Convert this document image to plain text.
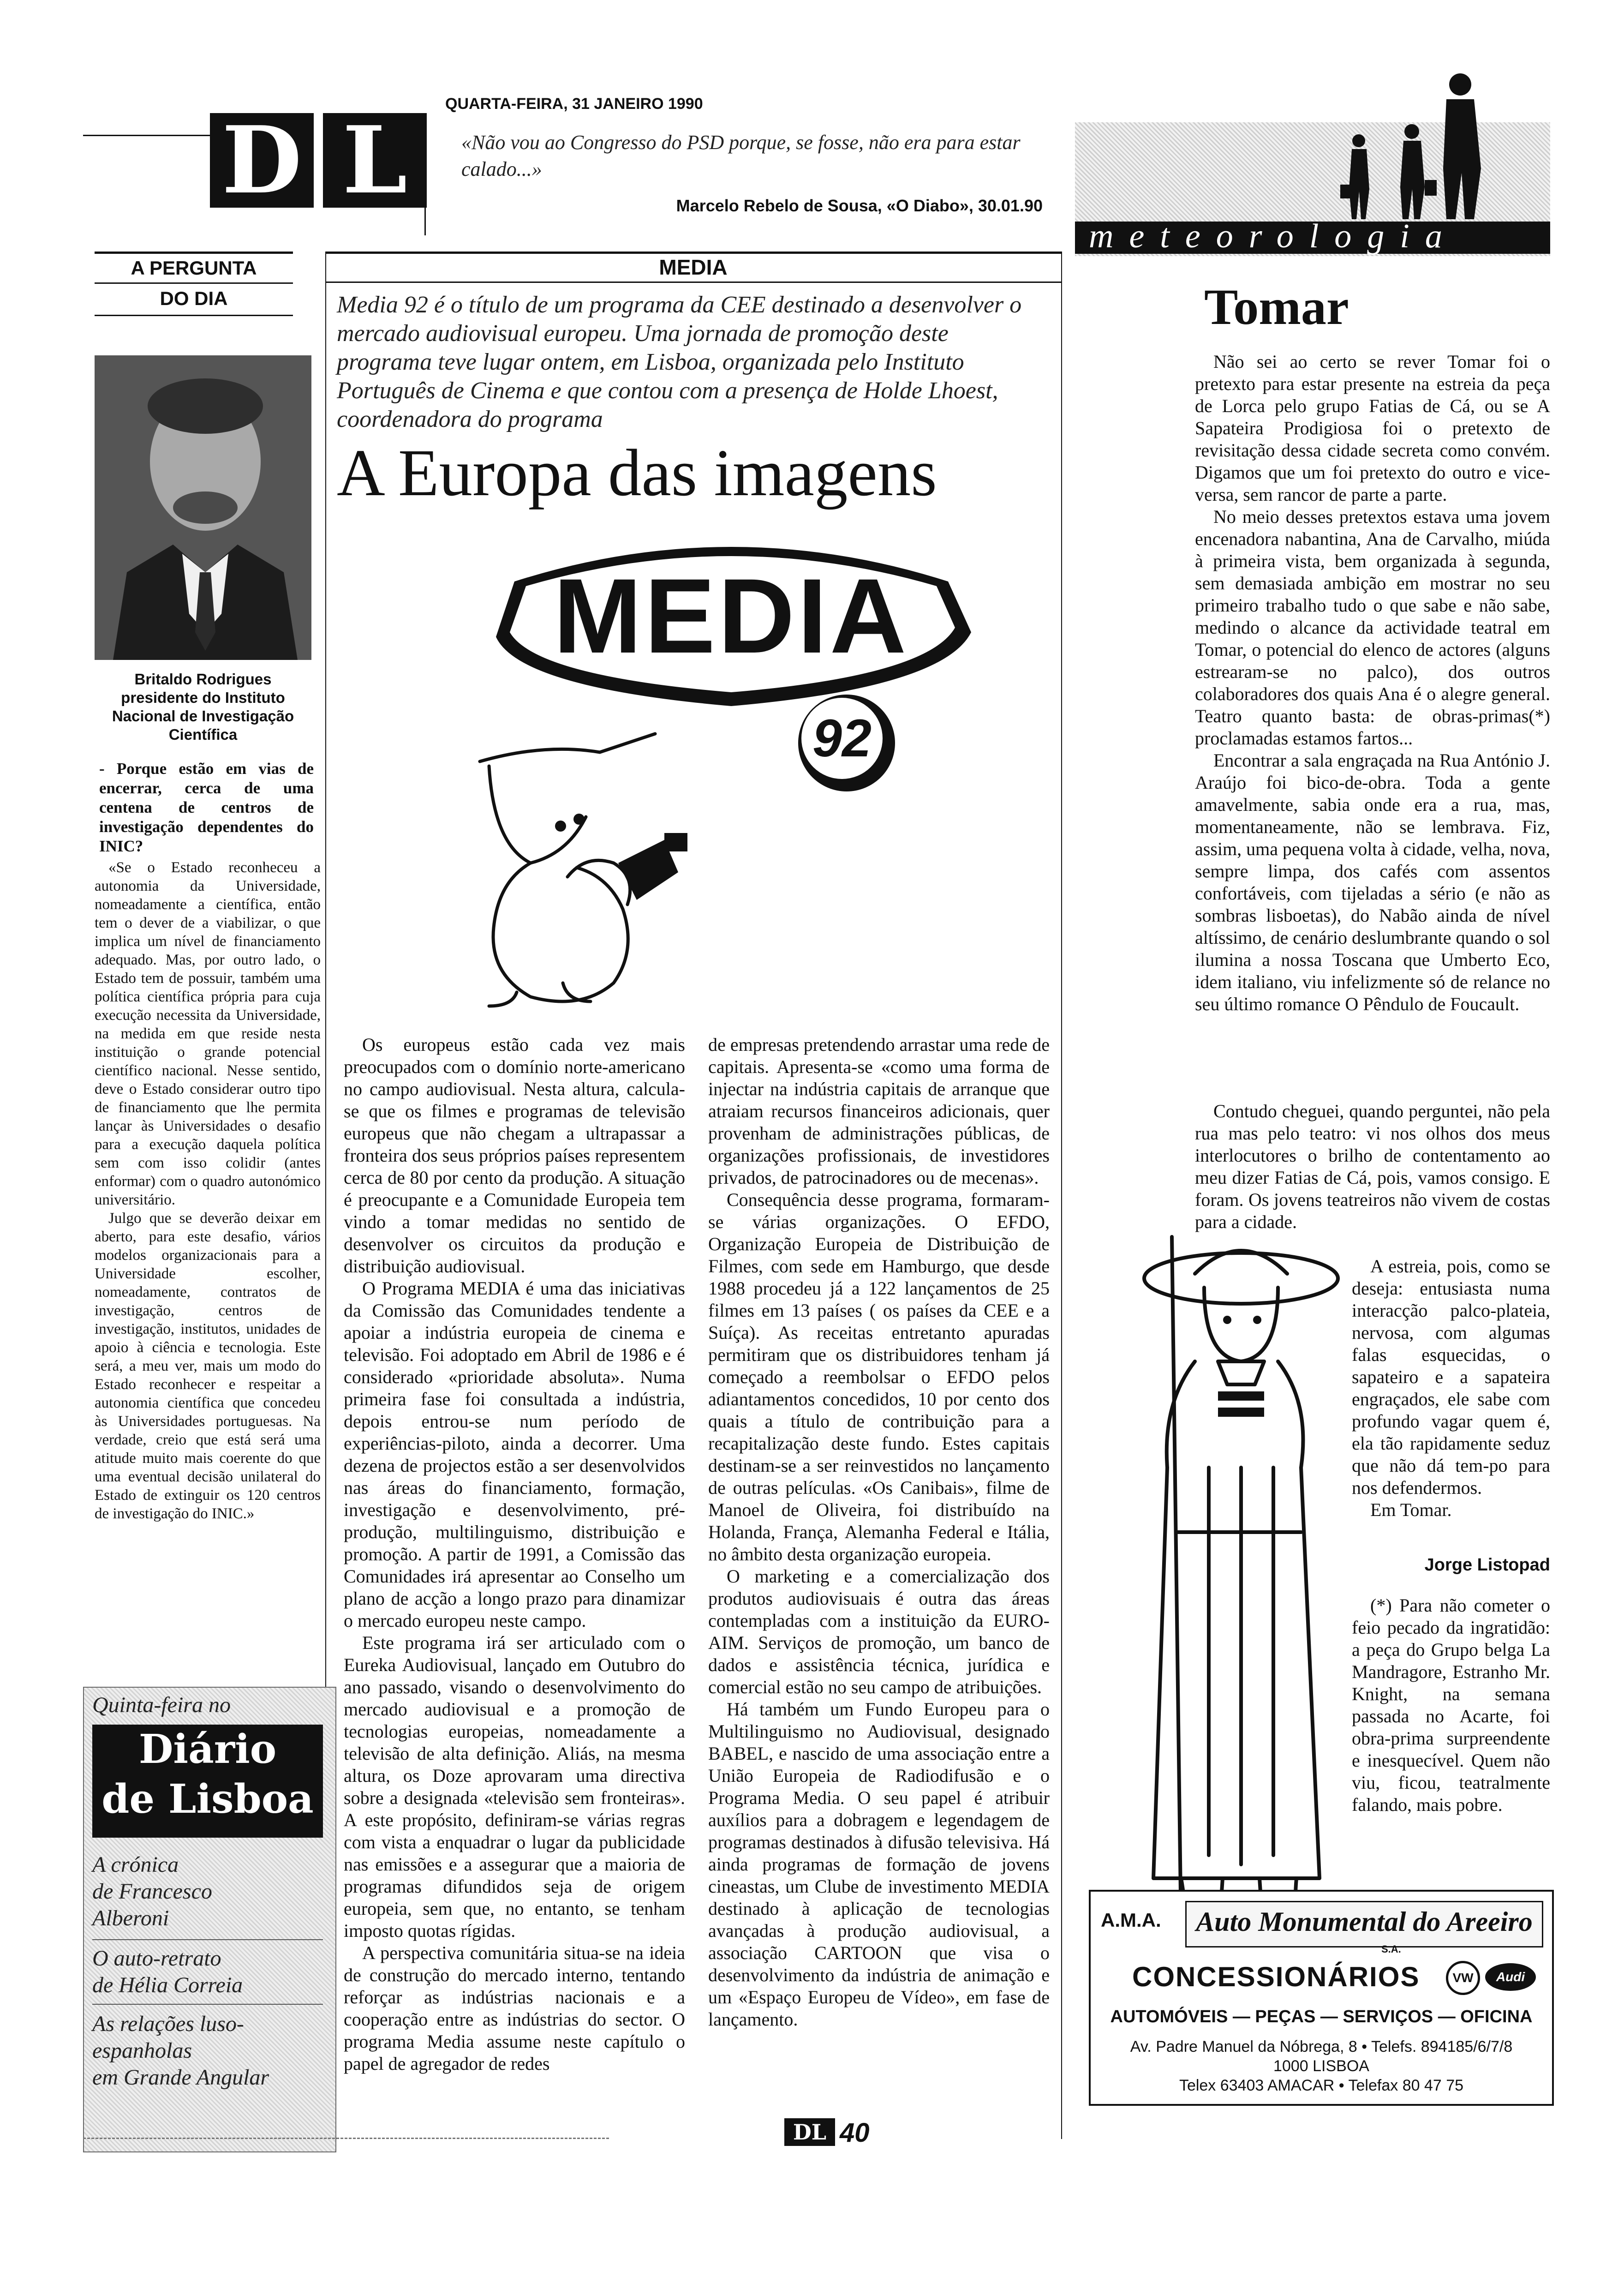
QUARTA-FEIRA, 31 JANEIRO 1990
D L	«Não vou ao Congresso do PSD porque, se fosse, não era para estar calado...»
Marcelo Rebelo de Sousa, «O Diabo», 30.01.90
meteorologia
A PERGUNTA
DO DIA
Britaldo Rodrigues
presidente do Instituto Nacional de Investigação Científica
- Porque estão em vias de encerrar, cerca de uma centena de centros de investigação dependentes do INIC?

«Se o Estado reconheceu a autonomia da Universidade, nomeadamente a científica, então tem o dever de a viabilizar, o que implica um nível de financiamento adequado. Mas, por outro lado, o Estado tem de possuir, também uma política científica própria para cuja execução necessita da Universidade, na medida em que reside nesta instituição o grande potencial científico nacional. Nesse sentido, deve o Estado considerar outro tipo de financiamento que lhe permita lançar às Universidades o desafio para a execução daquela política sem com isso colidir (antes enformar) com o quadro autonómico universitário.

Julgo que se deverão deixar em aberto, para este desafio, vários modelos organizacionais para a Universidade escolher, nomeadamente, contratos de investigação, centros de investigação, institutos, unidades de apoio à ciência e tecnologia. Este será, a meu ver, mais um modo do Estado reconhecer e respeitar a autonomia científica que concedeu às Universidades portuguesas. Na verdade, creio que está será uma atitude muito mais coerente do que uma eventual decisão unilateral do Estado de extinguir os 120 centros de investigação do INIC.»

Quinta-feira no
Diário
de Lisboa
A crónica
de Francesco
Alberoni
O auto-retrato
de Hélia Correia
As relações luso-
espanholas
em Grande Angular
MEDIA
Media 92 é o título de um programa da CEE destinado a desenvolver o mercado audiovisual europeu. Uma jornada de promoção deste programa teve lugar ontem, em Lisboa, organizada pelo Instituto Português de Cinema e que contou com a presença de Holde Lhoest, coordenadora do programa
A Europa das imagens
MEDIA
92

Os europeus estão cada vez mais preocupados com o domínio norte-americano no campo audiovisual. Nesta altura, calcula-se que os filmes e programas de televisão europeus que não chegam a ultrapassar a fronteira dos seus próprios países representem cerca de 80 por cento da produção. A situação é preocupante e a Comunidade Europeia tem vindo a tomar medidas no sentido de desenvolver os circuitos da produção e distribuição audiovisual.

O Programa MEDIA é uma das iniciativas da Comissão das Comunidades tendente a apoiar a indústria europeia de cinema e televisão. Foi adoptado em Abril de 1986 e é considerado «prioridade absoluta». Numa primeira fase foi consultada a indústria, depois entrou-se num período de experiências-piloto, ainda a decorrer. Uma dezena de projectos estão a ser desenvolvidos nas áreas do financiamento, formação, investigação e desenvolvimento, pré-produção, multilinguismo, distribuição e promoção. A partir de 1991, a Comissão das Comunidades irá apresentar ao Conselho um plano de acção a longo prazo para dinamizar o mercado europeu neste campo.

Este programa irá ser articulado com o Eureka Audiovisual, lançado em Outubro do ano passado, visando o desenvolvimento do mercado audiovisual e a promoção de tecnologias europeias, nomeadamente a televisão de alta definição. Aliás, na mesma altura, os Doze aprovaram uma directiva sobre a designada «televisão sem fronteiras». A este propósito, definiram-se várias regras com vista a enquadrar o lugar da publicidade nas emissões e a assegurar que a maioria de programas difundidos seja de origem europeia, sem que, no entanto, se tenham imposto quotas rígidas.

A perspectiva comunitária situa-se na ideia de construção do mercado interno, tentando reforçar as indústrias nacionais e a cooperação entre as indústrias do sector. O programa Media assume neste capítulo o papel de agregador de redes

de empresas pretendendo arrastar uma rede de capitais. Apresenta-se «como uma forma de injectar na indústria capitais de arranque que atraiam recursos financeiros adicionais, quer provenham de administrações públicas, de organizações profissionais, de investidores privados, de patrocinadores ou de mecenas».

Consequência desse programa, formaram-se várias organizações. O EFDO, Organização Europeia de Distribuição de Filmes, com sede em Hamburgo, que desde 1988 procedeu já a 122 lançamentos de 25 filmes em 13 países ( os países da CEE e a Suíça). As receitas entretanto apuradas permitiram que os distribuidores tenham já começado a reembolsar o EFDO pelos adiantamentos concedidos, 10 por cento dos quais a título de contribuição para a recapitalização deste fundo. Estes capitais destinam-se a ser reinvestidos no lançamento de outras películas. «Os Canibais», filme de Manoel de Oliveira, foi distribuído na Holanda, França, Alemanha Federal e Itália, no âmbito desta organização europeia.

O marketing e a comercialização dos produtos audiovisuais é outra das áreas contempladas com a instituição da EURO-AIM. Serviços de promoção, um banco de dados e assistência técnica, jurídica e comercial estão no seu campo de atribuições.

Há também um Fundo Europeu para o Multilinguismo no Audiovisual, designado BABEL, e nascido de uma associação entre a União Europeia de Radiodifusão e o Programa Media. O seu papel é atribuir auxílios para a dobragem e legendagem de programas destinados à difusão televisiva. Há ainda programas de formação de jovens cineastas, um Clube de investimento MEDIA destinado à aplicação de tecnologias avançadas à produção audiovisual, a associação CARTOON que visa o desenvolvimento da indústria de animação e um «Espaço Europeu de Vídeo», em fase de lançamento.

Tomar

Não sei ao certo se rever Tomar foi o pretexto para estar presente na estreia da peça de Lorca pelo grupo Fatias de Cá, ou se A Sapateira Prodigiosa foi o pretexto de revisitação dessa cidade secreta como convém. Digamos que um foi pretexto do outro e vice-versa, sem rancor de parte a parte.

No meio desses pretextos estava uma jovem encenadora nabantina, Ana de Carvalho, miúda à primeira vista, bem organizada à segunda, sem demasiada ambição em mostrar no seu primeiro trabalho tudo o que sabe e não sabe, medindo o alcance da actividade teatral em Tomar, o potencial do elenco de actores (alguns estrearam-se no palco), dos outros colaboradores dos quais Ana é o alegre general. Teatro quanto basta: de obras-primas(*) proclamadas estamos fartos...

Encontrar a sala engraçada na Rua António J. Araújo foi bico-de-obra. Toda a gente amavelmente, sabia onde era a rua, mas, momentaneamente, não se lembrava. Fiz, assim, uma pequena volta à cidade, velha, nova, sempre limpa, dos cafés com assentos confortáveis, com tijeladas a sério (e não as sombras lisboetas), do Nabão ainda de nível altíssimo, de cenário deslumbrante quando o sol ilumina a nossa Toscana que Umberto Eco, idem italiano, viu infelizmente só de relance no seu último romance O Pêndulo de Foucault.

Contudo cheguei, quando perguntei, não pela rua mas pelo teatro: vi nos olhos dos meus interlocutores o brilho de contentamento ao meu dizer Fatias de Cá, pois, vamos consigo. E foram. Os jovens teatreiros não vivem de costas para a cidade.

A estreia, pois, como se deseja: entusiasta numa interacção palco-plateia, nervosa, com algumas falas esquecidas, o sapateiro e a sapateira engraçados, ele sabe com profundo vagar quem é, ela tão rapidamente seduz que não dá tem-po para nos defendermos.

Em Tomar.

Jorge Listopad

(*) Para não cometer o feio pecado da ingratidão: a peça do Grupo belga La Mandragore, Estranho Mr. Knight, na semana passada no Acarte, foi obra-prima surpreendente e inesquecível. Quem não viu, ficou, teatralmente falando, mais pobre.

A.M.A.	Auto Monumental do Areeiro
S.A.
CONCESSIONÁRIOS	VW	Audi
AUTOMÓVEIS — PEÇAS — SERVIÇOS — OFICINA
Av. Padre Manuel da Nóbrega, 8 • Telefs. 894185/6/7/8
1000 LISBOA
Telex 63403 AMACAR • Telefax 80 47 75
DL 40
